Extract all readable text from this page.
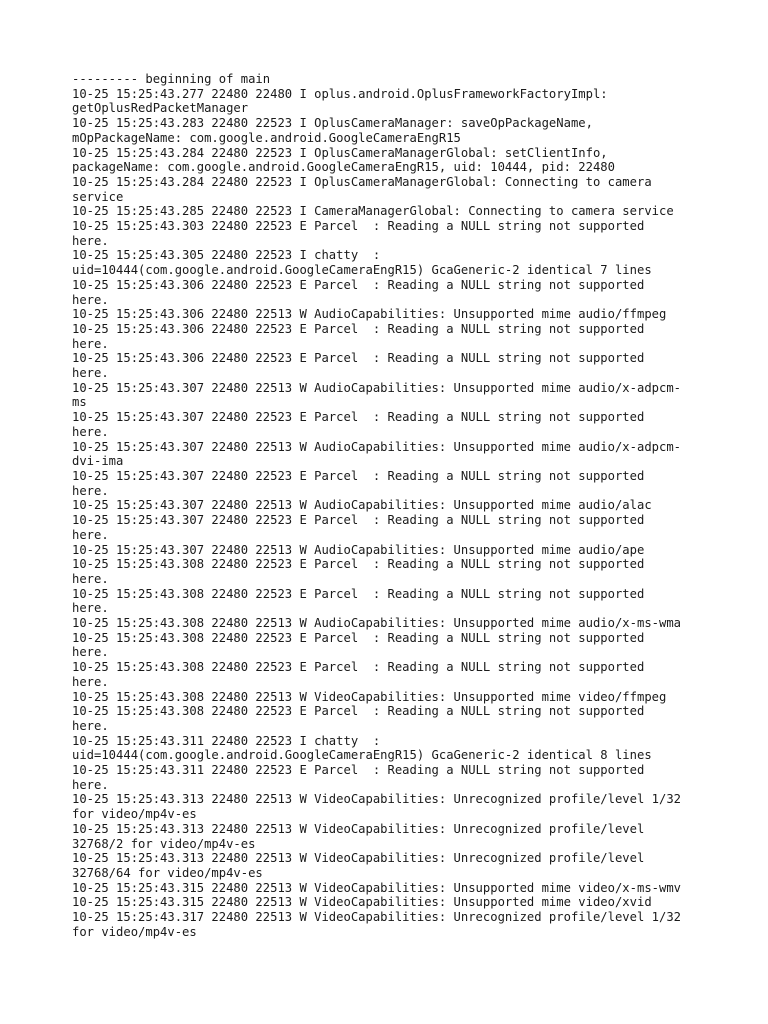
--------- beginning of main
10-25 15:25:43.277 22480 22480 I oplus.android.OplusFrameworkFactoryImpl:
getOplusRedPacketManager
10-25 15:25:43.283 22480 22523 I OplusCameraManager: saveOpPackageName,
mOpPackageName: com.google.android.GoogleCameraEngR15
10-25 15:25:43.284 22480 22523 I OplusCameraManagerGlobal: setClientInfo,
packageName: com.google.android.GoogleCameraEngR15, uid: 10444, pid: 22480
10-25 15:25:43.284 22480 22523 I OplusCameraManagerGlobal: Connecting to camera
service
10-25 15:25:43.285 22480 22523 I CameraManagerGlobal: Connecting to camera service
10-25 15:25:43.303 22480 22523 E Parcel  : Reading a NULL string not supported
here.
10-25 15:25:43.305 22480 22523 I chatty  :
uid=10444(com.google.android.GoogleCameraEngR15) GcaGeneric-2 identical 7 lines
10-25 15:25:43.306 22480 22523 E Parcel  : Reading a NULL string not supported
here.
10-25 15:25:43.306 22480 22513 W AudioCapabilities: Unsupported mime audio/ffmpeg
10-25 15:25:43.306 22480 22523 E Parcel  : Reading a NULL string not supported
here.
10-25 15:25:43.306 22480 22523 E Parcel  : Reading a NULL string not supported
here.
10-25 15:25:43.307 22480 22513 W AudioCapabilities: Unsupported mime audio/x-adpcm-
ms
10-25 15:25:43.307 22480 22523 E Parcel  : Reading a NULL string not supported
here.
10-25 15:25:43.307 22480 22513 W AudioCapabilities: Unsupported mime audio/x-adpcm-
dvi-ima
10-25 15:25:43.307 22480 22523 E Parcel  : Reading a NULL string not supported
here.
10-25 15:25:43.307 22480 22513 W AudioCapabilities: Unsupported mime audio/alac
10-25 15:25:43.307 22480 22523 E Parcel  : Reading a NULL string not supported
here.
10-25 15:25:43.307 22480 22513 W AudioCapabilities: Unsupported mime audio/ape
10-25 15:25:43.308 22480 22523 E Parcel  : Reading a NULL string not supported
here.
10-25 15:25:43.308 22480 22523 E Parcel  : Reading a NULL string not supported
here.
10-25 15:25:43.308 22480 22513 W AudioCapabilities: Unsupported mime audio/x-ms-wma
10-25 15:25:43.308 22480 22523 E Parcel  : Reading a NULL string not supported
here.
10-25 15:25:43.308 22480 22523 E Parcel  : Reading a NULL string not supported
here.
10-25 15:25:43.308 22480 22513 W VideoCapabilities: Unsupported mime video/ffmpeg
10-25 15:25:43.308 22480 22523 E Parcel  : Reading a NULL string not supported
here.
10-25 15:25:43.311 22480 22523 I chatty  :
uid=10444(com.google.android.GoogleCameraEngR15) GcaGeneric-2 identical 8 lines
10-25 15:25:43.311 22480 22523 E Parcel  : Reading a NULL string not supported
here.
10-25 15:25:43.313 22480 22513 W VideoCapabilities: Unrecognized profile/level 1/32
for video/mp4v-es
10-25 15:25:43.313 22480 22513 W VideoCapabilities: Unrecognized profile/level
32768/2 for video/mp4v-es
10-25 15:25:43.313 22480 22513 W VideoCapabilities: Unrecognized profile/level
32768/64 for video/mp4v-es
10-25 15:25:43.315 22480 22513 W VideoCapabilities: Unsupported mime video/x-ms-wmv
10-25 15:25:43.315 22480 22513 W VideoCapabilities: Unsupported mime video/xvid
10-25 15:25:43.317 22480 22513 W VideoCapabilities: Unrecognized profile/level 1/32
for video/mp4v-es
